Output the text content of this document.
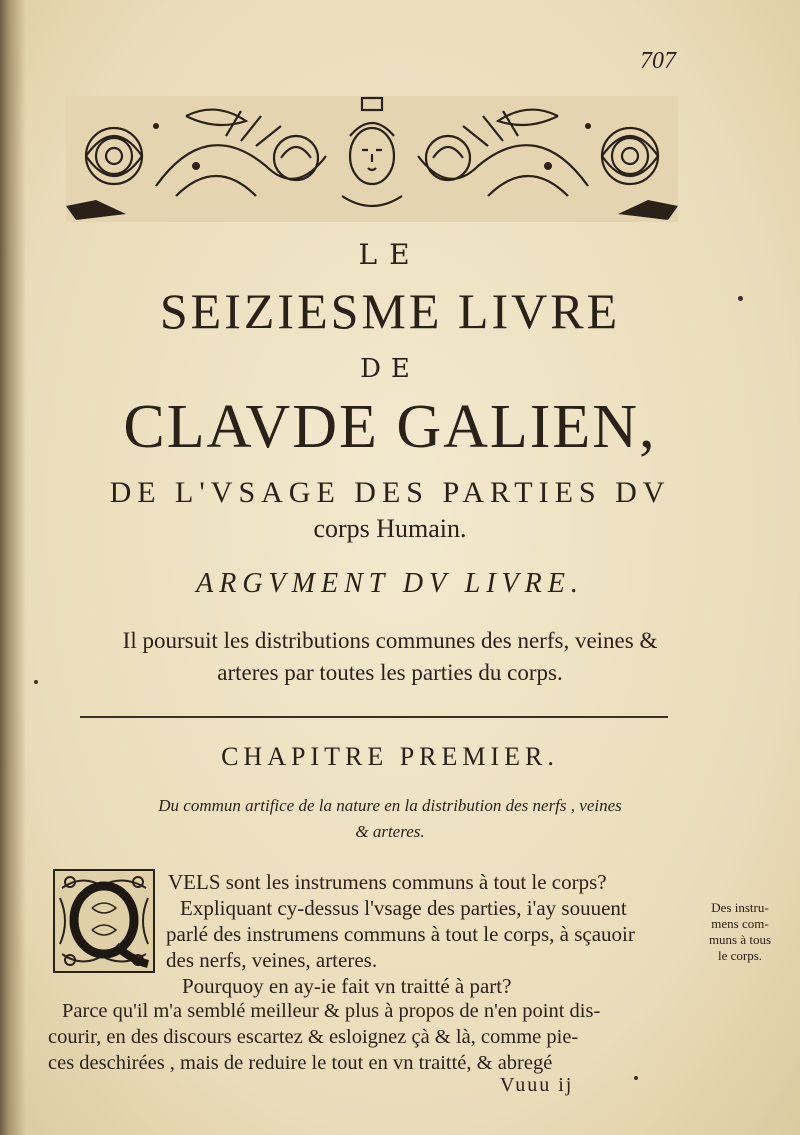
707
LE
SEIZIESME LIVRE
DE
CLAVDE GALIEN,
DE L'VSAGE DES PARTIES DV
corps Humain.
ARGVMENT DV LIVRE.
Il poursuit les distributions communes des nerfs, veines &
arteres par toutes les parties du corps.
CHAPITRE PREMIER.
Du commun artifice de la nature en la distribution des nerfs , veines
& arteres.
VELS sont les instrumens communs à tout le corps?
Expliquant cy-dessus l'vsage des parties, i'ay souuent
parlé des instrumens communs à tout le corps, à sçauoir
des nerfs, veines, arteres.
Pourquoy en ay-ie fait vn traitté à part?
Parce qu'il m'a semblé meilleur & plus à propos de n'en point dis-
courir, en des discours escartez & esloignez çà & là, comme pie-
ces deschirées , mais de reduire le tout en vn traitté, & abregé
Des instru-
mens com-
muns à tous
le corps.
Vuuu ij
